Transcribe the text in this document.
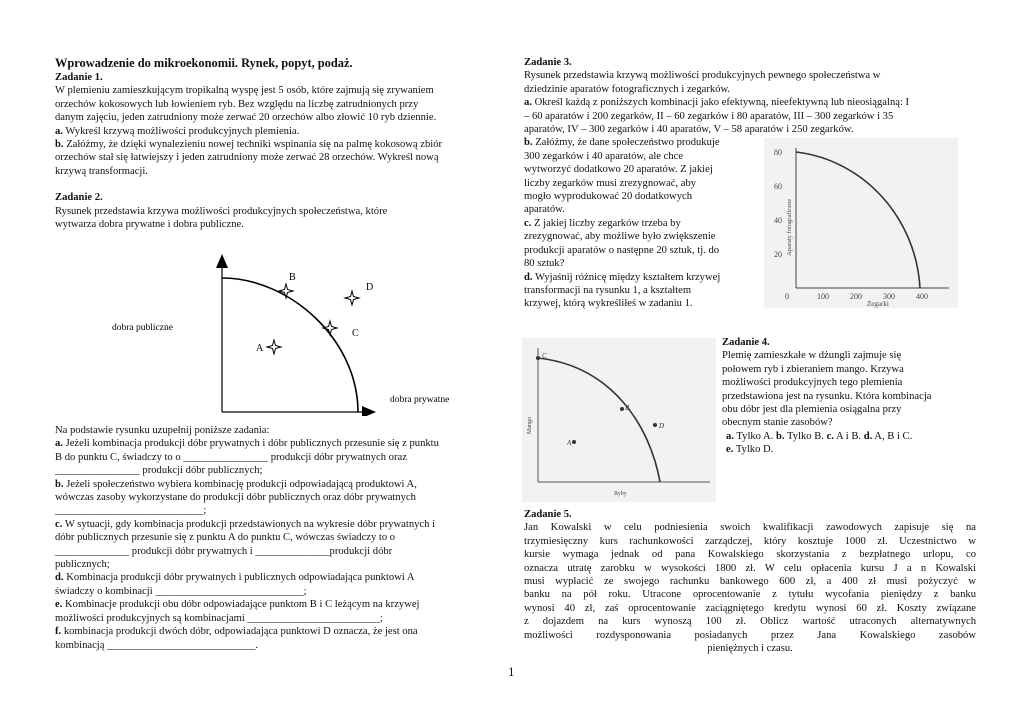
Wprowadzenie do mikroekonomii. Rynek, popyt, podaż.

Zadanie 1.

W plemieniu zamieszkującym tropikalną wyspę jest 5 osób, które zajmują się zrywaniem

orzechów kokosowych lub łowieniem ryb. Bez względu na liczbę zatrudnionych przy

danym zajęciu, jeden zatrudniony może zerwać 20 orzechów albo złowić 10 ryb dziennie.

a. Wykreśl krzywą możliwości produkcyjnych plemienia.

b. Załóżmy, że dzięki wynalezieniu nowej techniki wspinania się na palmę kokosową zbiór

orzechów stał się łatwiejszy i jeden zatrudniony może zerwać 28 orzechów. Wykreśl nową

krzywą transformacji.

Zadanie 2.

Rysunek przedstawia krzywa możliwości produkcyjnych społeczeństwa, które

wytwarza dobra prywatne i dobra publiczne.

B
D
C
A
dobra publiczne
dobra prywatne

Na podstawie rysunku uzupełnij poniższe zadania:

a. Jeżeli kombinacja produkcji dóbr prywatnych i dóbr publicznych przesunie się z punktu

B do punktu C, świadczy to o ________________ produkcji dóbr prywatnych oraz

________________ produkcji dóbr publicznych;

b. Jeżeli społeczeństwo wybiera kombinację produkcji odpowiadającą produktowi A,

wówczas zasoby wykorzystane do produkcji dóbr publicznych oraz dóbr prywatnych

____________________________;

c. W sytuacji, gdy kombinacja produkcji przedstawionych na wykresie dóbr prywatnych i

dóbr publicznych przesunie się z punktu A do punktu C, wówczas świadczy to o

______________ produkcji dóbr prywatnych i ______________produkcji dóbr

publicznych;

d. Kombinacja produkcji dóbr prywatnych i publicznych odpowiadająca punktowi A

świadczy o kombinacji ____________________________;

e. Kombinacje produkcji obu dóbr odpowiadające punktom B i C leżącym na krzywej

możliwości produkcyjnych są kombinacjami _________________________;

f. kombinacja produkcji dwóch dóbr, odpowiadająca punktowi D oznacza, że jest ona

kombinacją ____________________________.

Zadanie 3.

Rysunek przedstawia krzywą możliwości produkcyjnych pewnego społeczeństwa w

dziedzinie aparatów fotograficznych i zegarków.

a. Określ każdą z poniższych kombinacji jako efektywną, nieefektywną lub nieosiągalną: I

– 60 aparatów i 200 zegarków, II – 60 zegarków i 80 aparatów, III – 300 zegarków i 35

aparatów, IV – 300 zegarków i 40 aparatów, V – 58 aparatów i 250 zegarków.

b. Załóżmy, że dane społeczeństwo produkuje

300 zegarków i 40 aparatów, ale chce

wytworzyć dodatkowo 20 aparatów. Z jakiej

liczby zegarków musi zrezygnować, aby

mogło wyprodukować 20 dodatkowych

aparatów.

c. Z jakiej liczby zegarków trzeba by

zrezygnować, aby możliwe było zwiększenie

produkcji aparatów o następne 20 sztuk, tj. do

80 sztuk?

d. Wyjaśnij różnicę między kształtem krzywej

transformacji na rysunku 1, a kształtem

krzywej, którą wykreśliłeś w zadaniu 1.

80
60
40
20
0	100	200	300	400
Zegarki
Aparaty fotograficzne
C
B
A
D
Ryby
Mango

Zadanie 4.

Plemię zamieszkałe w dżungli zajmuje się

połowem ryb i zbieraniem mango. Krzywa

możliwości produkcyjnych tego plemienia

przedstawiona jest na rysunku. Która kombinacja

obu dóbr jest dla plemienia osiągalna przy

obecnym stanie zasobów?

a. Tylko A. b. Tylko B. c. A i B. d. A, B i C.

e. Tylko D.

Zadanie 5.

Jan Kowalski w celu podniesienia swoich kwalifikacji zawodowych zapisuje się na

trzymiesięczny kurs rachunkowości zarządczej, który kosztuje 1000 zł. Uczestnictwo w

kursie wymaga jednak od pana Kowalskiego skorzystania z bezpłatnego urlopu, co

oznacza utratę zarobku w wysokości 1800 zł. W celu opłacenia kursu J a n Kowalski

musi wypłacić ze swojego rachunku bankowego 600 zł, a 400 zł musi pożyczyć w

banku na pół roku. Utracone oprocentowanie z tytułu wycofania pieniędzy z banku

wynosi 40 zł, zaś oprocentowanie zaciągniętego kredytu wynosi 60 zł. Koszty związane

z dojazdem na kurs wynoszą 100 zł. Oblicz wartość utraconych alternatywnych

możliwości rozdysponowania posiadanych przez Jana Kowalskiego zasobów

pieniężnych i czasu.

1
